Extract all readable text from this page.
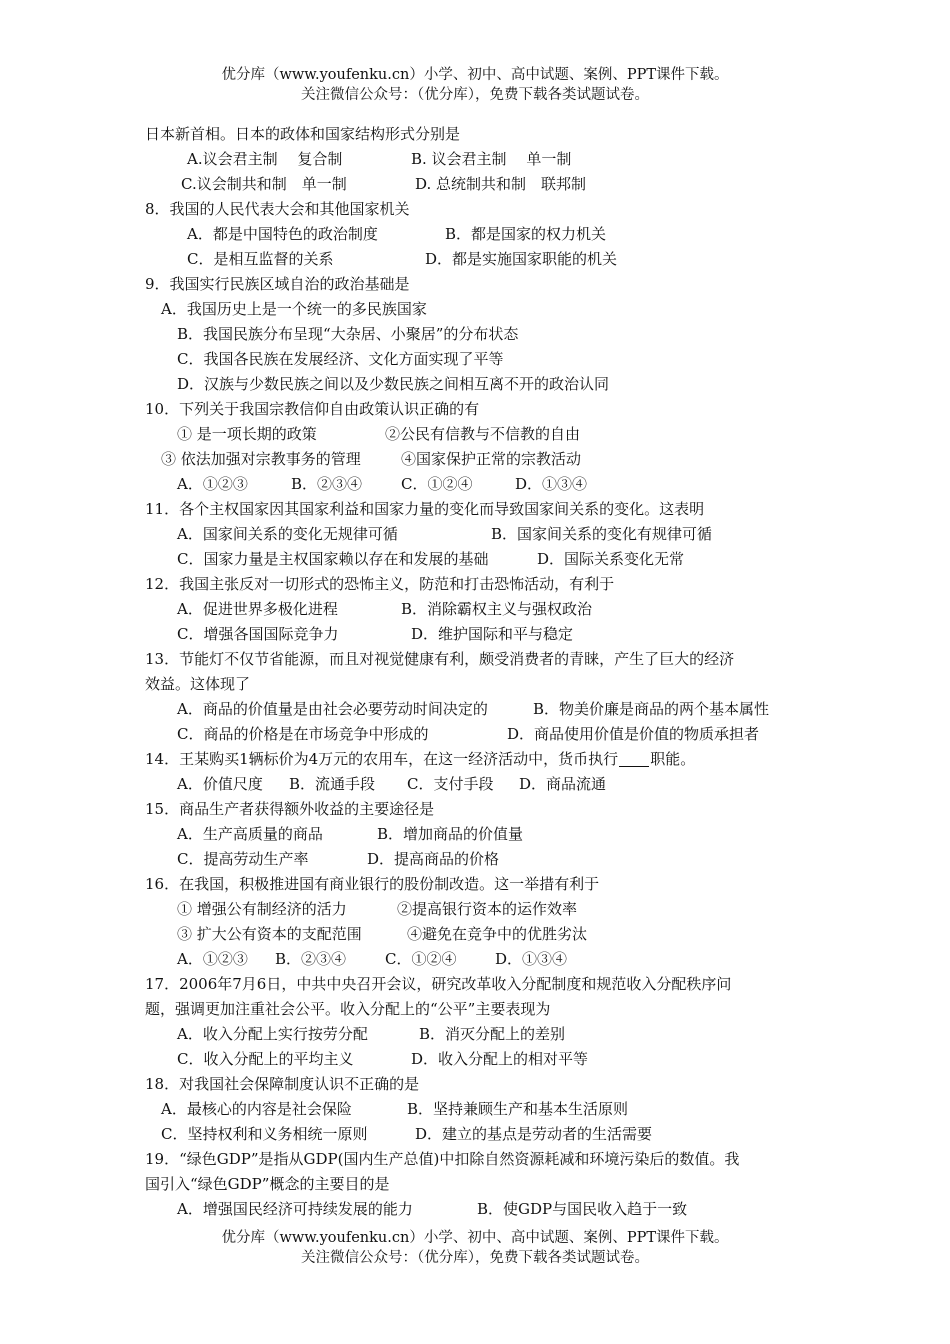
优分库（www.youfenku.cn）小学、初中、高中试题、案例、PPT课件下载。
关注微信公众号：（优分库），免费下载各类试题试卷。
日本新首相。日本的政体和国家结构形式分别是
A.议会君主制　 复合制	B. 议会君主制　 单一制
C.议会制共和制　单一制	D. 总统制共和制　联邦制
8．我国的人民代表大会和其他国家机关
A．都是中国特色的政治制度	B．都是国家的权力机关
C．是相互监督的关系	D．都是实施国家职能的机关
9．我国实行民族区域自治的政治基础是
A．我国历史上是一个统一的多民族国家
B．我国民族分布呈现“大杂居、小聚居”的分布状态
C．我国各民族在发展经济、文化方面实现了平等
D．汉族与少数民族之间以及少数民族之间相互离不开的政治认同
10．下列关于我国宗教信仰自由政策认识正确的有
① 是一项长期的政策	②公民有信教与不信教的自由
③ 依法加强对宗教事务的管理	④国家保护正常的宗教活动
A．①②③	B．②③④	C．①②④	D．①③④
11．各个主权国家因其国家利益和国家力量的变化而导致国家间关系的变化。这表明
A．国家间关系的变化无规律可循	B．国家间关系的变化有规律可循
C．国家力量是主权国家赖以存在和发展的基础	D．国际关系变化无常
12．我国主张反对一切形式的恐怖主义，防范和打击恐怖活动，有利于
A．促进世界多极化进程	B．消除霸权主义与强权政治
C．增强各国国际竞争力	D．维护国际和平与稳定
13．节能灯不仅节省能源，而且对视觉健康有利，颇受消费者的青睐，产生了巨大的经济
效益。这体现了
A．商品的价值量是由社会必要劳动时间决定的	B．物美价廉是商品的两个基本属性
C．商品的价格是在市场竞争中形成的	D．商品使用价值是价值的物质承担者
14．王某购买1辆标价为4万元的农用车，在这一经济活动中，货币执行 职能。
A．价值尺度 B．流通手段 C．支付手段 D．商品流通
15．商品生产者获得额外收益的主要途径是
A．生产高质量的商品	B．增加商品的价值量
C．提高劳动生产率	D．提高商品的价格
16．在我国，积极推进国有商业银行的股份制改造。这一举措有利于
① 增强公有制经济的活力	②提高银行资本的运作效率
③ 扩大公有资本的支配范围	④避免在竞争中的优胜劣汰
A．①②③ B．②③④	C．①②④	D．①③④
17．2006年7月6日，中共中央召开会议，研究改革收入分配制度和规范收入分配秩序问
题，强调更加注重社会公平。收入分配上的“公平”主要表现为
A．收入分配上实行按劳分配	B．消灭分配上的差别
C．收入分配上的平均主义	D．收入分配上的相对平等
18．对我国社会保障制度认识不正确的是
A．最核心的内容是社会保险	B．坚持兼顾生产和基本生活原则
C．坚持权利和义务相统一原则	D．建立的基点是劳动者的生活需要
19．“绿色GDP”是指从GDP(国内生产总值)中扣除自然资源耗减和环境污染后的数值。我
国引入“绿色GDP”概念的主要目的是
A．增强国民经济可持续发展的能力	B．使GDP与国民收入趋于一致
优分库（www.youfenku.cn）小学、初中、高中试题、案例、PPT课件下载。
关注微信公众号：（优分库），免费下载各类试题试卷。
